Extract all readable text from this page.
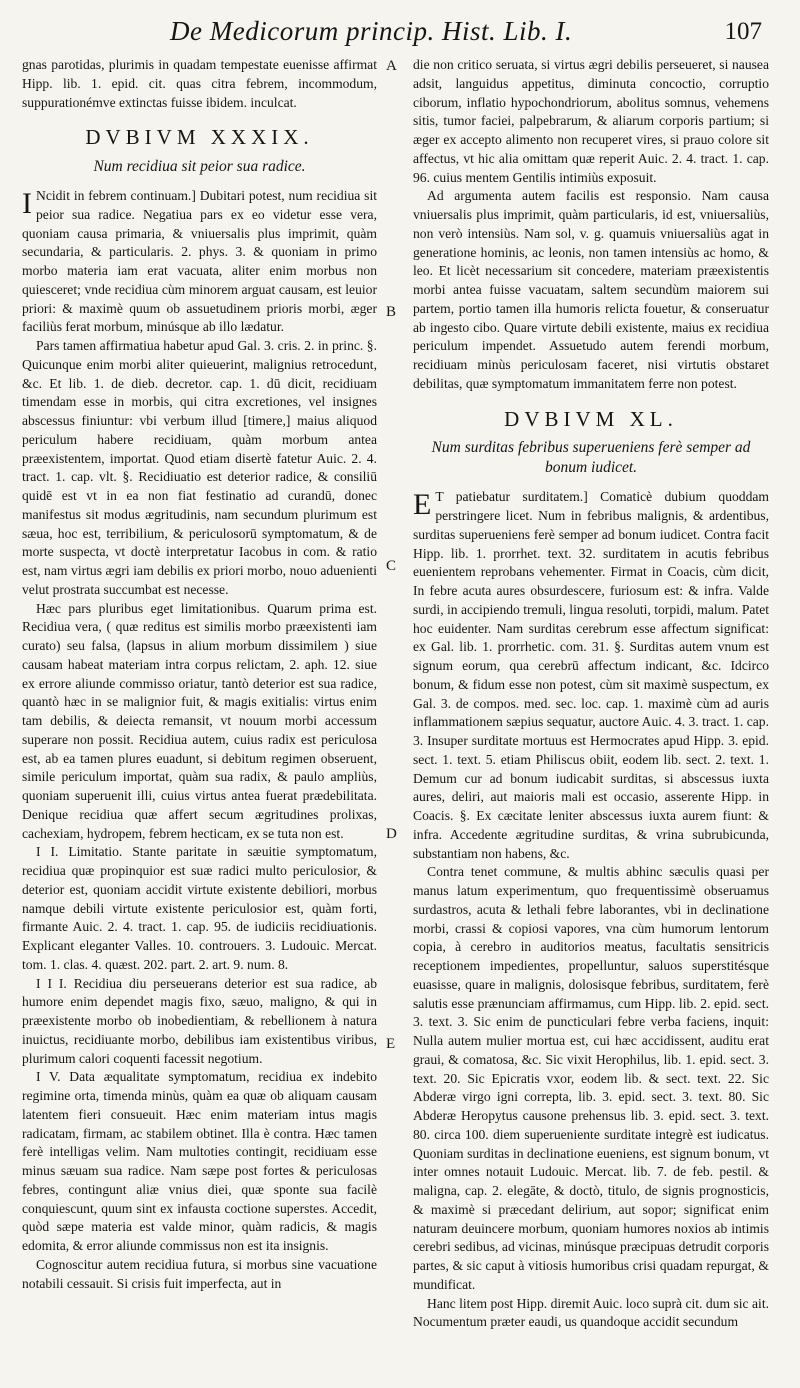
De Medicorum princip. Hist. Lib. I.	107

gnas parotidas, plurimis in quadam tempestate euenisse affirmat Hipp. lib. 1. epid. cit. quas citra febrem, incommodum, suppurationémve extinctas fuisse ibidem. inculcat.

DVBIVM XXXIX.
Num recidiua sit peior sua radice.

I Ncidit in febrem continuam.] Dubitari potest, num recidiua sit peior sua radice. Negatiua pars ex eo videtur esse vera, quoniam causa primaria, & vniuersalis plus imprimit, quàm secundaria, & particularis. 2. phys. 3. & quoniam in primo morbo materia iam erat vacuata, aliter enim morbus non quiesceret; vnde recidiua cùm minorem arguat causam, est leuior priori: & maximè quum ob assuetudinem prioris morbi, æger faciliùs ferat morbum, minúsque ab illo lædatur.

Pars tamen affirmatiua habetur apud Gal. 3. cris. 2. in princ. §. Quicunque enim morbi aliter quieuerint, malignius retrocedunt, &c. Et lib. 1. de dieb. decretor. cap. 1. dū dicit, recidiuam timendam esse in morbis, qui citra excretiones, vel insignes abscessus finiuntur: vbi verbum illud [timere,] maius aliquod periculum habere recidiuam, quàm morbum antea præexistentem, importat. Quod etiam disertè fatetur Auic. 2. 4. tract. 1. cap. vlt. §. Recidiuatio est deterior radice, & consiliū quidē est vt in ea non fiat festinatio ad curandū, donec manifestus sit modus ægritudinis, nam secundum plurimum est sæua, hoc est, terribilium, & periculosorū symptomatum, & de morte suspecta, vt doctè interpretatur Iacobus in com. & ratio est, nam virtus ægri iam debilis ex priori morbo, nouo aduenienti velut prostrata succumbat est necesse.

Hæc pars pluribus eget limitationibus. Quarum prima est. Recidiua vera, ( quæ reditus est similis morbo præexistenti iam curato) seu falsa, (lapsus in alium morbum dissimilem ) siue causam habeat materiam intra corpus relictam, 2. aph. 12. siue ex errore aliunde commisso oriatur, tantò deterior est sua radice, quantò hæc in se malignior fuit, & magis exitialis: virtus enim tam debilis, & deiecta remansit, vt nouum morbi accessum superare non possit. Recidiua autem, cuius radix est periculosa est, ab ea tamen plures euadunt, si debitum regimen obseruent, simile periculum importat, quàm sua radix, & paulo ampliùs, quoniam superuenit illi, cuius virtus antea fuerat prædebilitata. Denique recidiua quæ affert secum ægritudines prolixas, cachexiam, hydropem, febrem hecticam, ex se tuta non est.

I I. Limitatio. Stante paritate in sæuitie symptomatum, recidiua quæ propinquior est suæ radici multo periculosior, & deterior est, quoniam accidit virtute existente debiliori, morbus namque debili virtute existente periculosior est, quàm forti, firmante Auic. 2. 4. tract. 1. cap. 95. de iudiciis recidiuationis. Explicant eleganter Valles. 10. controuers. 3. Ludouic. Mercat. tom. 1. clas. 4. quæst. 202. part. 2. art. 9. num. 8.

I I I. Recidiua diu perseuerans deterior est sua radice, ab humore enim dependet magis fixo, sæuo, maligno, & qui in præexistente morbo ob inobedientiam, & rebellionem à natura inuictus, recidiuante morbo, debilibus iam existentibus viribus, plurimum calori coquenti facessit negotium.

I V. Data æqualitate symptomatum, recidiua ex indebito regimine orta, timenda minùs, quàm ea quæ ob aliquam causam latentem fieri consueuit. Hæc enim materiam intus magis radicatam, firmam, ac stabilem obtinet. Illa è contra. Hæc tamen ferè intelligas velim. Nam multoties contingit, recidiuam esse minus sæuam sua radice. Nam sæpe post fortes & periculosas febres, contingunt aliæ vnius diei, quæ sponte sua facilè conquiescunt, quum sint ex infausta coctione superstes. Accedit, quòd sæpe materia est valde minor, quàm radicis, & magis edomita, & error aliunde commissus non est ita insignis.

Cognoscitur autem recidiua futura, si morbus sine vacuatione notabili cessauit. Si crisis fuit imperfecta, aut in

A
B
C
D
E

die non critico seruata, si virtus ægri debilis perseueret, si nausea adsit, languidus appetitus, diminuta concoctio, corruptio ciborum, inflatio hypochondriorum, abolitus somnus, vehemens sitis, tumor faciei, palpebrarum, & aliarum corporis partium; si æger ex accepto alimento non recuperet vires, si prauo colore sit affectus, vt hic alia omittam quæ reperit Auic. 2. 4. tract. 1. cap. 96. cuius mentem Gentilis intimiùs exposuit.

Ad argumenta autem facilis est responsio. Nam causa vniuersalis plus imprimit, quàm particularis, id est, vniuersaliùs, non verò intensiùs. Nam sol, v. g. quamuis vniuersaliùs agat in generatione hominis, ac leonis, non tamen intensiùs ac homo, & leo. Et licèt necessarium sit concedere, materiam præexistentis morbi antea fuisse vacuatam, saltem secundùm maiorem sui partem, portio tamen illa humoris relicta fouetur, & conseruatur ab ingesto cibo. Quare virtute debili existente, maius ex recidiua periculum impendet. Assuetudo autem ferendi morbum, recidiuam minùs periculosam faceret, nisi virtutis obstaret debilitas, quæ symptomatum immanitatem ferre non potest.

DVBIVM XL.
Num surditas febribus superueniens ferè semper ad bonum iudicet.

E T patiebatur surditatem.] Comaticè dubium quoddam perstringere licet. Num in febribus malignis, & ardentibus, surditas superueniens ferè semper ad bonum iudicet. Contra facit Hipp. lib. 1. prorrhet. text. 32. surditatem in acutis febribus euenientem reprobans vehementer. Firmat in Coacis, cùm dicit, In febre acuta aures obsurdescere, furiosum est: & infra. Valde surdi, in accipiendo tremuli, lingua resoluti, torpidi, malum. Patet hoc euidenter. Nam surditas cerebrum esse affectum significat: ex Gal. lib. 1. prorrhetic. com. 31. §. Surditas autem vnum est signum eorum, qua cerebrū affectum indicant, &c. Idcirco bonum, & fidum esse non potest, cùm sit maximè suspectum, ex Gal. 3. de compos. med. sec. loc. cap. 1. maximè cùm ad auris inflammationem sæpius sequatur, auctore Auic. 4. 3. tract. 1. cap. 3. Insuper surditate mortuus est Hermocrates apud Hipp. 3. epid. sect. 1. text. 5. etiam Philiscus obiit, eodem lib. sect. 2. text. 1. Demum cur ad bonum iudicabit surditas, si abscessus iuxta aures, deliri, aut maioris mali est occasio, asserente Hipp. in Coacis. §. Ex cæcitate leniter abscessus iuxta aurem fiunt: & infra. Accedente ægritudine surditas, & vrina subrubicunda, substantiam non habens, &c.

Contra tenet commune, & multis abhinc sæculis quasi per manus latum experimentum, quo frequentissimè obseruamus surdastros, acuta & lethali febre laborantes, vbi in declinatione morbi, crassi & copiosi vapores, vna cùm humorum lentorum copia, à cerebro in auditorios meatus, facultatis sensitricis receptionem impedientes, propelluntur, saluos superstitésque euasisse, quare in malignis, dolosisque febribus, surditatem, ferè salutis esse prænunciam affirmamus, cum Hipp. lib. 2. epid. sect. 3. text. 3. Sic enim de puncticulari febre verba faciens, inquit: Nulla autem mulier mortua est, cui hæc accidissent, auditu erat graui, & comatosa, &c. Sic vixit Herophilus, lib. 1. epid. sect. 3. text. 20. Sic Epicratis vxor, eodem lib. & sect. text. 22. Sic Abderæ virgo igni correpta, lib. 3. epid. sect. 3. text. 80. Sic Abderæ Heropytus causone prehensus lib. 3. epid. sect. 3. text. 80. circa 100. diem superueniente surditate integrè est iudicatus. Quoniam surditas in declinatione eueniens, est signum bonum, vt inter omnes notauit Ludouic. Mercat. lib. 7. de feb. pestil. & maligna, cap. 2. elegāte, & doctò, titulo, de signis prognosticis, & maximè si præcedant delirium, aut sopor; significat enim naturam deuincere morbum, quoniam humores noxios ab intimis cerebri sedibus, ad vicinas, minúsque præcipuas detrudit corporis partes, & sic caput à vitiosis humoribus crisi quadam repurgat, & mundificat.

Hanc litem post Hipp. diremit Auic. loco suprà cit. dum sic ait. Nocumentum præter eaudi, us quandoque accidit secundum
